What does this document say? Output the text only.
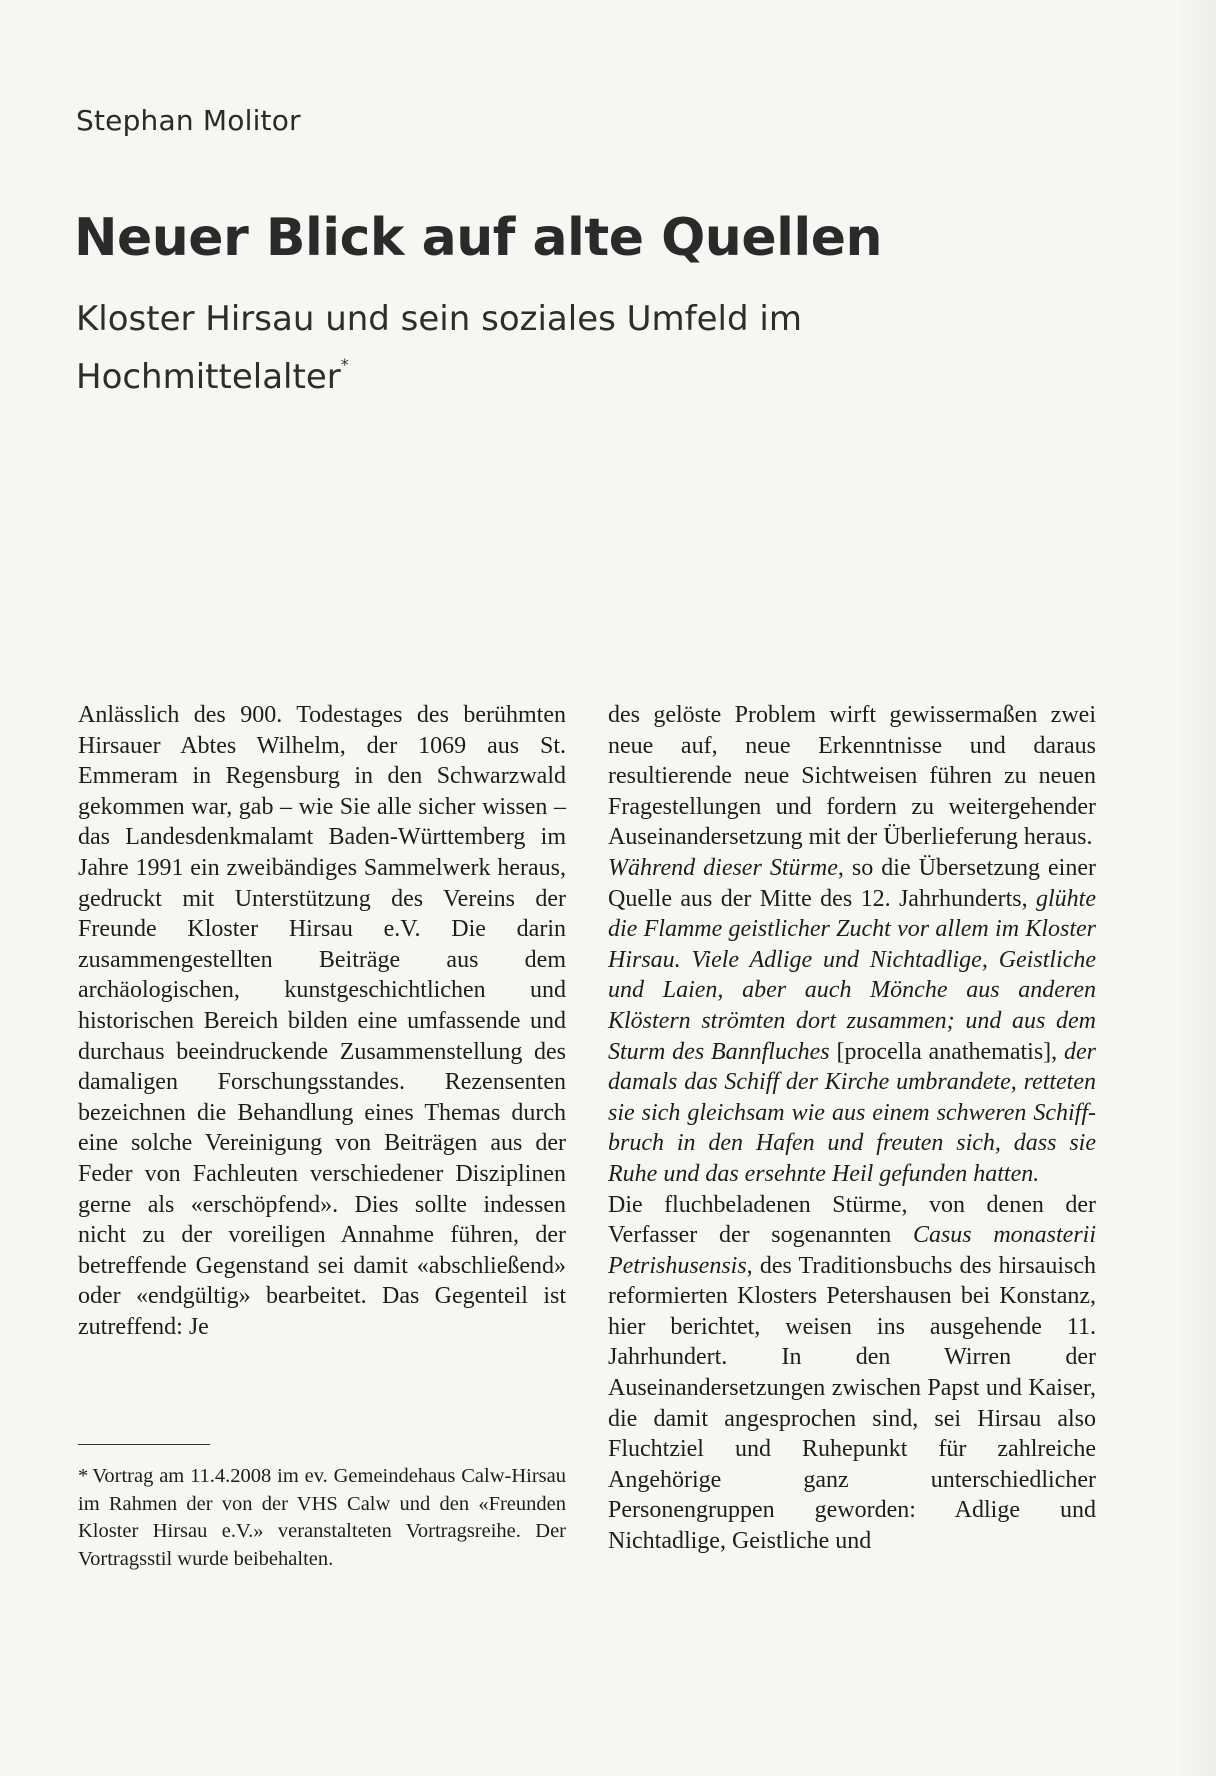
Stephan Molitor
Neuer Blick auf alte Quellen
Kloster Hirsau und sein soziales Umfeld im Hochmittelalter*

Anlässlich des 900. Todestages des berühmten Hirsauer Abtes Wilhelm, der 1069 aus St. Emmeram in Regensburg in den Schwarzwald gekommen war, gab – wie Sie alle sicher wissen – das Landesdenkmalamt Baden-Württemberg im Jahre 1991 ein zweibändiges Sammelwerk heraus, gedruckt mit Unterstützung des Vereins der Freunde Kloster Hirsau e.V. Die darin zusammengestellten Beiträge aus dem archäologischen, kunstgeschichtlichen und historischen Bereich bilden eine umfassende und durchaus beeindruckende Zusammenstellung des damaligen Forschungsstandes. Rezensenten bezeichnen die Behandlung eines Themas durch eine solche Vereinigung von Beiträgen aus der Feder von Fachleuten verschiedener Disziplinen gerne als «erschöpfend». Dies sollte indessen nicht zu der voreiligen Annahme führen, der betreffende Gegenstand sei damit «abschließend» oder «endgültig» bearbeitet. Das Gegenteil ist zutreffend: Je

des gelöste Problem wirft gewissermaßen zwei neue auf, neue Erkenntnisse und daraus resultierende neue Sichtweisen führen zu neuen Fragestellungen und fordern zu weitergehender Auseinandersetzung mit der Überlieferung heraus.

Während dieser Stürme, so die Übersetzung einer Quelle aus der Mitte des 12. Jahrhunderts, glühte die Flamme geistlicher Zucht vor allem im Kloster Hirsau. Viele Adlige und Nichtadlige, Geistliche und Laien, aber auch Mönche aus anderen Klöstern strömten dort zusammen; und aus dem Sturm des Bannfluches [procella anathematis], der damals das Schiff der Kirche umbrandete, retteten sie sich gleichsam wie aus einem schweren Schiffbruch in den Hafen und freuten sich, dass sie Ruhe und das ersehnte Heil gefunden hatten.

Die fluchbeladenen Stürme, von denen der Verfasser der sogenannten Casus monasterii Petrishusensis, des Traditionsbuchs des hirsauisch reformierten Klosters Petershausen bei Konstanz, hier berichtet, weisen ins ausgehende 11. Jahrhundert. In den Wirren der Auseinandersetzungen zwischen Papst und Kaiser, die damit angesprochen sind, sei Hirsau also Fluchtziel und Ruhepunkt für zahlreiche Angehörige ganz unterschiedlicher Personengruppen geworden: Adlige und Nichtadlige, Geistliche und

* Vortrag am 11.4.2008 im ev. Gemeindehaus Calw-Hirsau im Rahmen der von der VHS Calw und den «Freunden Kloster Hirsau e.V.» veranstalteten Vortragsreihe. Der Vortragsstil wurde beibehalten.
